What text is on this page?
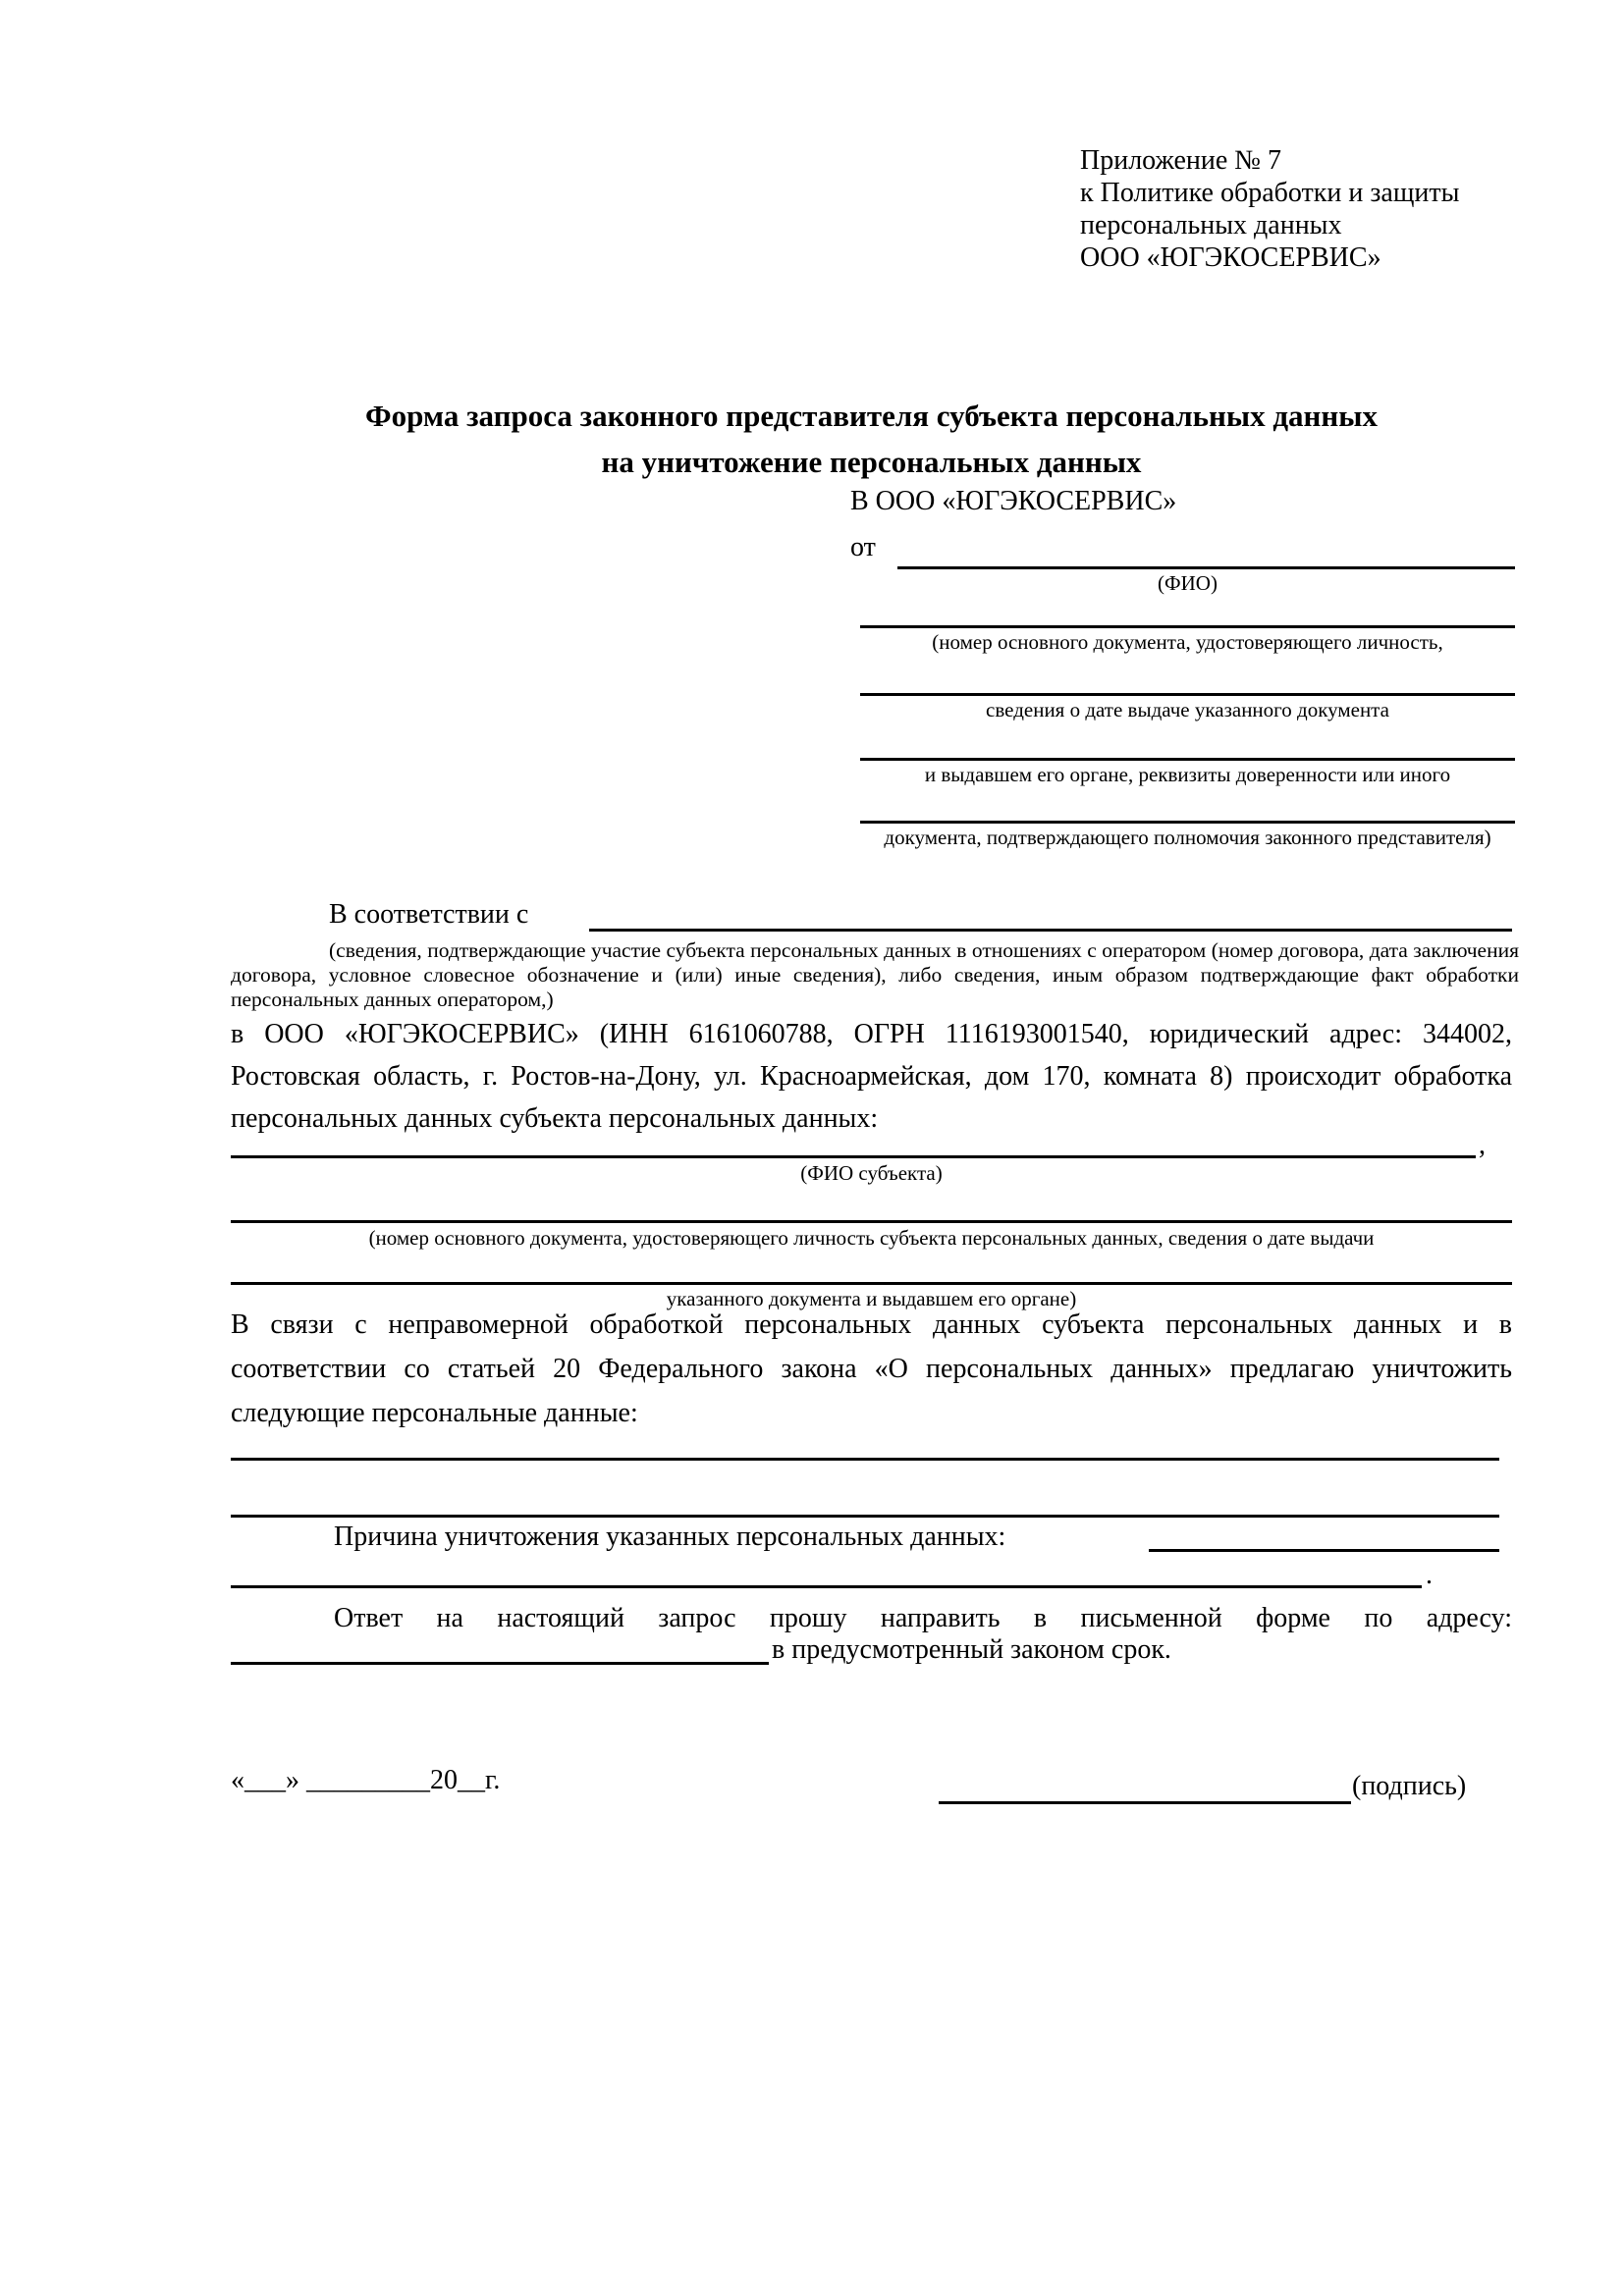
Приложение № 7
к Политике обработки и защиты
персональных данных
ООО «ЮГЭКОСЕРВИС»
Форма запроса законного представителя субъекта персональных данных
на уничтожение персональных данных
В ООО «ЮГЭКОСЕРВИС»
от
(ФИО)
(номер основного документа, удостоверяющего личность,
сведения о дате выдаче указанного документа
и выдавшем его органе, реквизиты доверенности или иного
документа, подтверждающего полномочия законного представителя)
В соответствии с
(сведения, подтверждающие участие субъекта персональных данных в отношениях с оператором (номер договора, дата заключения договора, условное словесное обозначение и (или) иные сведения), либо сведения, иным образом подтверждающие факт обработки персональных данных оператором,)
в ООО «ЮГЭКОСЕРВИС» (ИНН 6161060788, ОГРН 1116193001540, юридический адрес: 344002, Ростовская область, г. Ростов-на-Дону, ул. Красноармейская, дом 170, комната 8) происходит обработка персональных данных субъекта персональных данных:
,
(ФИО субъекта)
(номер основного документа, удостоверяющего личность субъекта персональных данных, сведения о дате выдачи
указанного документа и выдавшем его органе)
В связи с неправомерной обработкой персональных данных субъекта персональных данных и в соответствии со статьей 20 Федерального закона «О персональных данных» предлагаю уничтожить следующие персональные данные:
Причина уничтожения указанных персональных данных:
.
Ответ на настоящий запрос прошу направить в письменной форме по адресу:
в предусмотренный законом срок.
«___» _________20__г.	(подпись)
